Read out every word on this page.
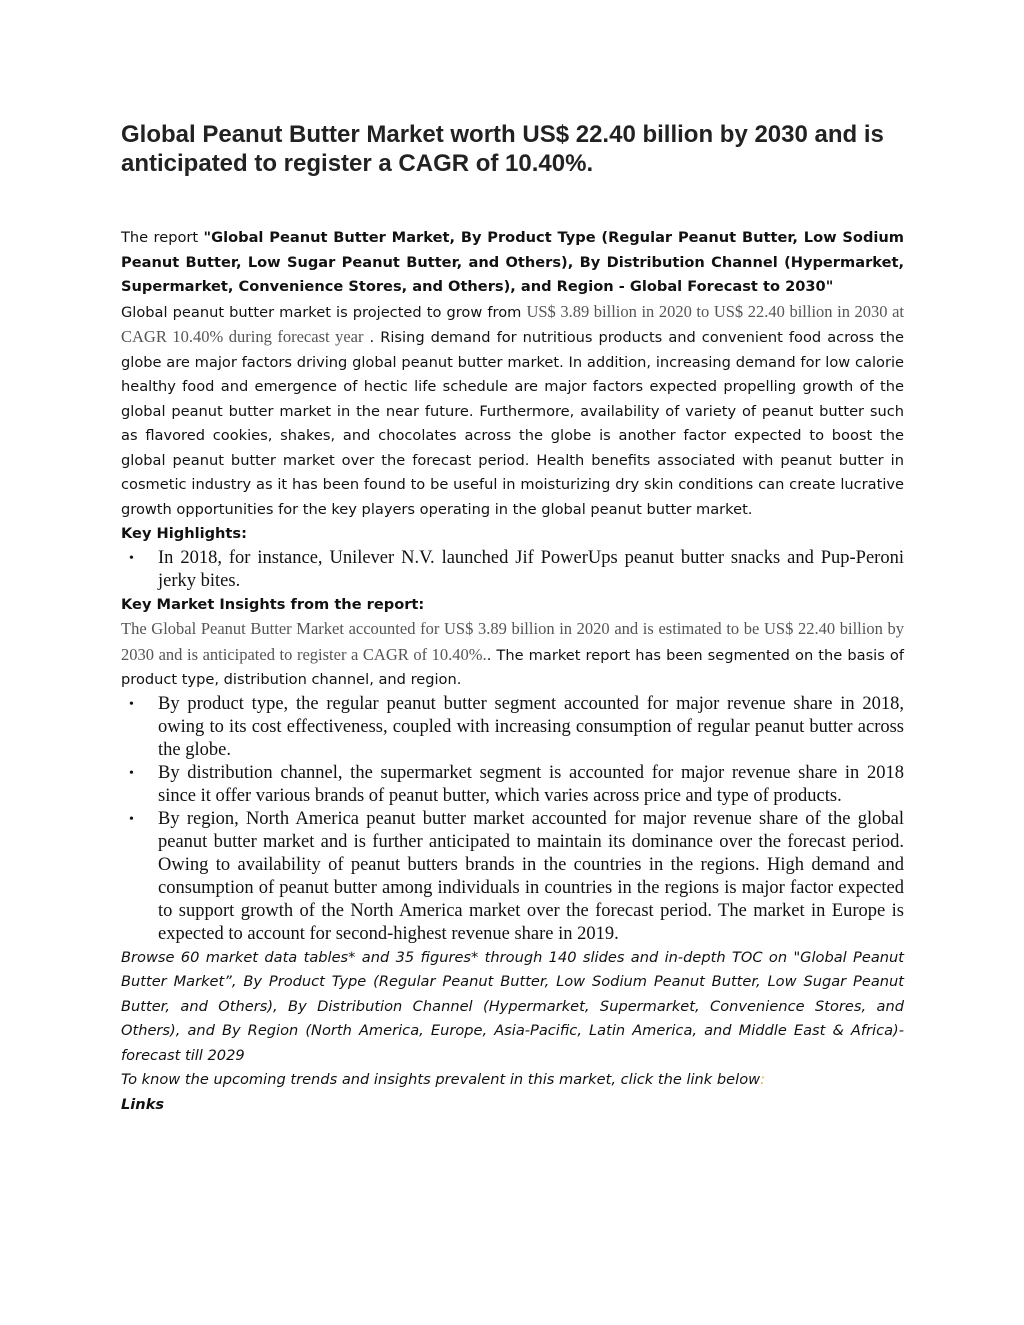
Global Peanut Butter Market worth US$ 22.40 billion by 2030 and is anticipated to register a CAGR of 10.40%.

The report "Global Peanut Butter Market, By Product Type (Regular Peanut Butter, Low Sodium Peanut Butter, Low Sugar Peanut Butter, and Others), By Distribution Channel (Hypermarket, Supermarket, Convenience Stores, and Others), and Region - Global Forecast to 2030"

Global peanut butter market is projected to grow from US$ 3.89 billion in 2020 to US$ 22.40 billion in 2030 at CAGR 10.40% during forecast year . Rising demand for nutritious products and convenient food across the globe are major factors driving global peanut butter market. In addition, increasing demand for low calorie healthy food and emergence of hectic life schedule are major factors expected propelling growth of the global peanut butter market in the near future. Furthermore, availability of variety of peanut butter such as flavored cookies, shakes, and chocolates across the globe is another factor expected to boost the global peanut butter market over the forecast period. Health benefits associated with peanut butter in cosmetic industry as it has been found to be useful in moisturizing dry skin conditions can create lucrative growth opportunities for the key players operating in the global peanut butter market.

Key Highlights:

• In 2018, for instance, Unilever N.V. launched Jif PowerUps peanut butter snacks and Pup-Peroni jerky bites.

Key Market Insights from the report:

The Global Peanut Butter Market accounted for US$ 3.89 billion in 2020 and is estimated to be US$ 22.40 billion by 2030 and is anticipated to register a CAGR of 10.40%.. The market report has been segmented on the basis of product type, distribution channel, and region.

• By product type, the regular peanut butter segment accounted for major revenue share in 2018, owing to its cost effectiveness, coupled with increasing consumption of regular peanut butter across the globe.
• By distribution channel, the supermarket segment is accounted for major revenue share in 2018 since it offer various brands of peanut butter, which varies across price and type of products.
• By region, North America peanut butter market accounted for major revenue share of the global peanut butter market and is further anticipated to maintain its dominance over the forecast period. Owing to availability of peanut butters brands in the countries in the regions. High demand and consumption of peanut butter among individuals in countries in the regions is major factor expected to support growth of the North America market over the forecast period. The market in Europe is expected to account for second-highest revenue share in 2019.

Browse 60 market data tables* and 35 figures* through 140 slides and in-depth TOC on "Global Peanut Butter Market”, By Product Type (Regular Peanut Butter, Low Sodium Peanut Butter, Low Sugar Peanut Butter, and Others), By Distribution Channel (Hypermarket, Supermarket, Convenience Stores, and Others), and By Region (North America, Europe, Asia-Pacific, Latin America, and Middle East & Africa)- forecast till 2029

To know the upcoming trends and insights prevalent in this market, click the link below:

Links
